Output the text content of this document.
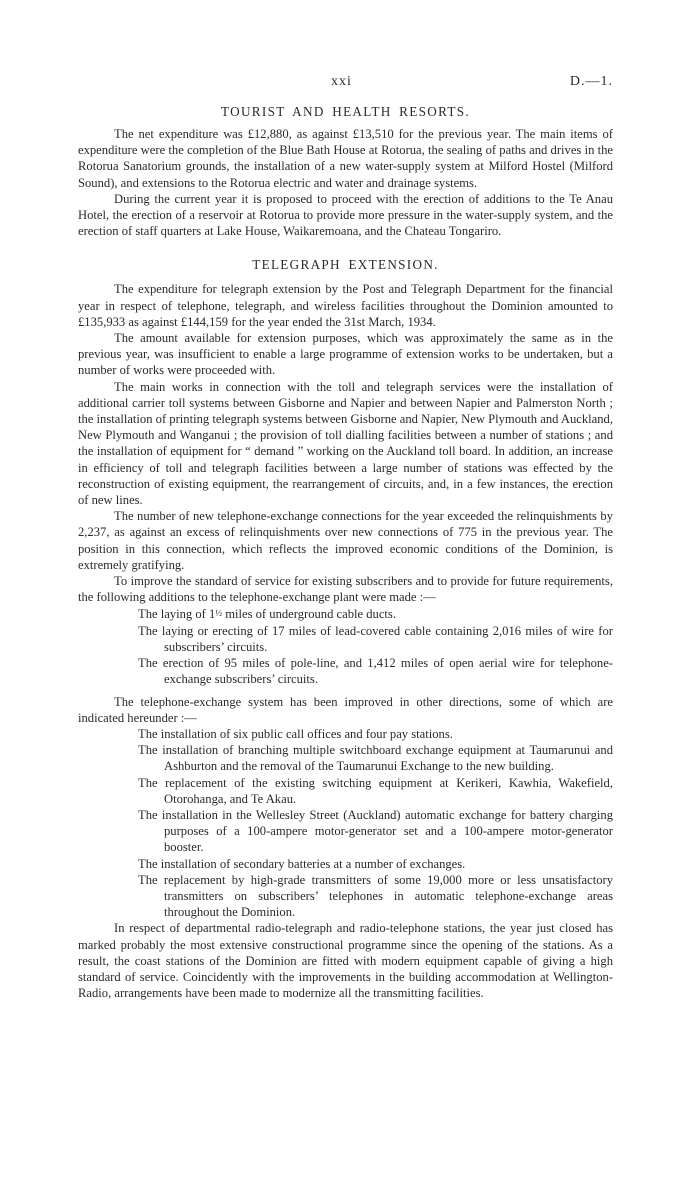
xxi	D.—1.
TOURIST AND HEALTH RESORTS.

The net expenditure was £12,880, as against £13,510 for the previous year. The main items of expenditure were the completion of the Blue Bath House at Rotorua, the sealing of paths and drives in the Rotorua Sanatorium grounds, the installation of a new water-supply system at Milford Hostel (Milford Sound), and extensions to the Rotorua electric and water and drainage systems.

During the current year it is proposed to proceed with the erection of additions to the Te Anau Hotel, the erection of a reservoir at Rotorua to provide more pressure in the water-supply system, and the erection of staff quarters at Lake House, Waikaremoana, and the Chateau Tongariro.

TELEGRAPH EXTENSION.

The expenditure for telegraph extension by the Post and Telegraph Department for the financial year in respect of telephone, telegraph, and wireless facilities throughout the Dominion amounted to £135,933 as against £144,159 for the year ended the 31st March, 1934.

The amount available for extension purposes, which was approximately the same as in the previous year, was insufficient to enable a large programme of extension works to be undertaken, but a number of works were proceeded with.

The main works in connection with the toll and telegraph services were the installation of additional carrier toll systems between Gisborne and Napier and between Napier and Palmerston North ; the installation of printing telegraph systems between Gisborne and Napier, New Plymouth and Auckland, New Plymouth and Wanganui ; the provision of toll dialling facilities between a number of stations ; and the installation of equipment for “ demand ” working on the Auckland toll board. In addition, an increase in efficiency of toll and telegraph facilities between a large number of stations was effected by the reconstruction of existing equipment, the rearrangement of circuits, and, in a few instances, the erection of new lines.

The number of new telephone-exchange connections for the year exceeded the relinquishments by 2,237, as against an excess of relinquishments over new connections of 775 in the previous year. The position in this connection, which reflects the improved economic conditions of the Dominion, is extremely gratifying.

To improve the standard of service for existing subscribers and to provide for future requirements, the following additions to the telephone-exchange plant were made :—

The laying of 1½ miles of underground cable ducts.
The laying or erecting of 17 miles of lead-covered cable containing 2,016 miles of wire for subscribers’ circuits.
The erection of 95 miles of pole-line, and 1,412 miles of open aerial wire for telephone-exchange subscribers’ circuits.

The telephone-exchange system has been improved in other directions, some of which are indicated hereunder :—

The installation of six public call offices and four pay stations.
The installation of branching multiple switchboard exchange equipment at Taumarunui and Ashburton and the removal of the Taumarunui Exchange to the new building.
The replacement of the existing switching equipment at Kerikeri, Kawhia, Wakefield, Otorohanga, and Te Akau.
The installation in the Wellesley Street (Auckland) automatic exchange for battery charging purposes of a 100-ampere motor-generator set and a 100-ampere motor-generator booster.
The installation of secondary batteries at a number of exchanges.
The replacement by high-grade transmitters of some 19,000 more or less unsatisfactory transmitters on subscribers’ telephones in automatic telephone-exchange areas throughout the Dominion.

In respect of departmental radio-telegraph and radio-telephone stations, the year just closed has marked probably the most extensive constructional programme since the opening of the stations. As a result, the coast stations of the Dominion are fitted with modern equipment capable of giving a high standard of service. Coincidently with the improvements in the building accommodation at Wellington-Radio, arrangements have been made to modernize all the transmitting facilities.
